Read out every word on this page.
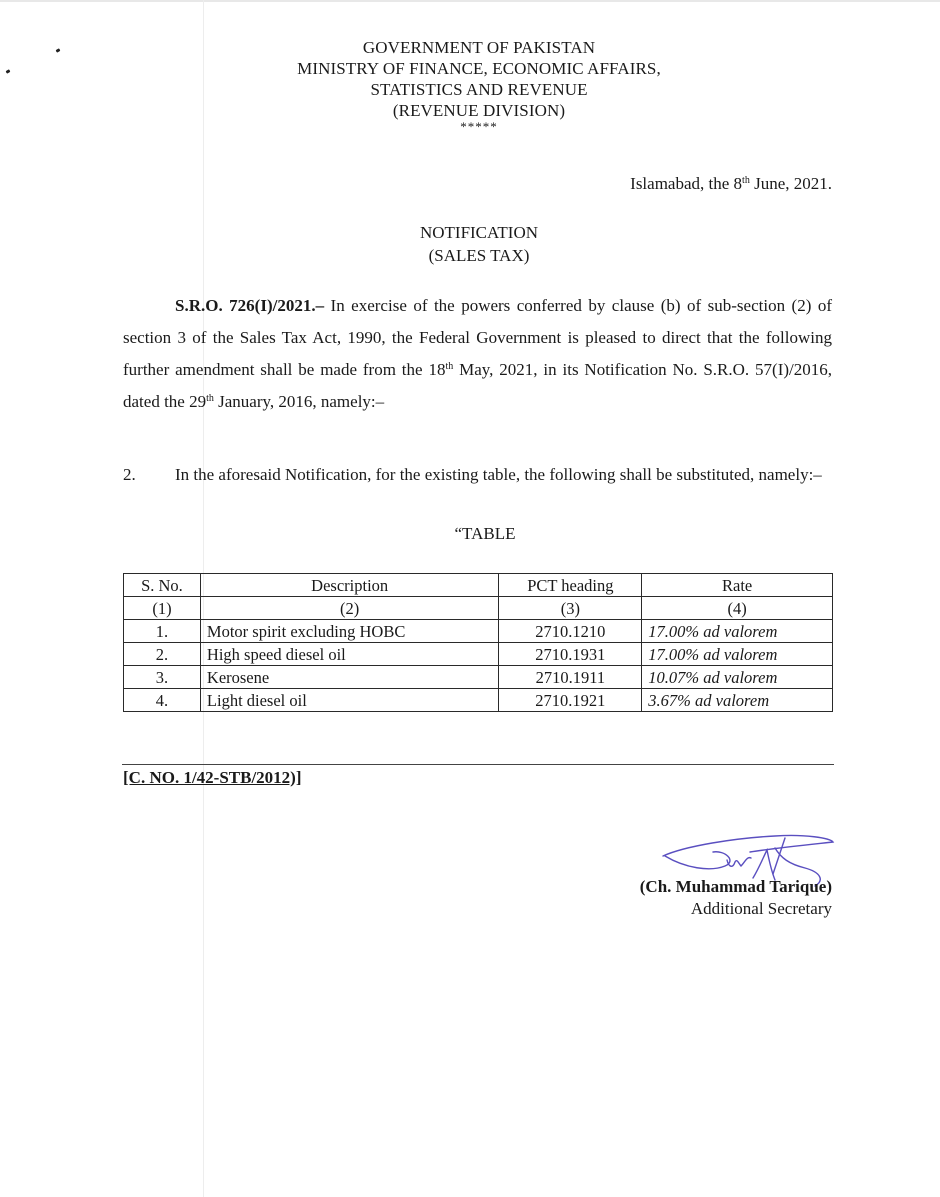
GOVERNMENT OF PAKISTAN
MINISTRY OF FINANCE, ECONOMIC AFFAIRS,
STATISTICS AND REVENUE
(REVENUE DIVISION)
*****
Islamabad, the 8th June, 2021.
NOTIFICATION
(SALES TAX)
S.R.O. 726(I)/2021.– In exercise of the powers conferred by clause (b) of sub-section (2) of section 3 of the Sales Tax Act, 1990, the Federal Government is pleased to direct that the following further amendment shall be made from the 18th May, 2021, in its Notification No. S.R.O. 57(I)/2016, dated the 29th January, 2016, namely:–
2. In the aforesaid Notification, for the existing table, the following shall be substituted, namely:–
“TABLE
S. No.	Description	PCT heading	Rate
(1)	(2)	(3)	(4)
1.	Motor spirit excluding HOBC	2710.1210	17.00% ad valorem
2.	High speed diesel oil	2710.1931	17.00% ad valorem
3.	Kerosene	2710.1911	10.07% ad valorem
4.	Light diesel oil	2710.1921	3.67% ad valorem
[C. NO. 1/42-STB/2012)]
(Ch. Muhammad Tarique)
Additional Secretary
